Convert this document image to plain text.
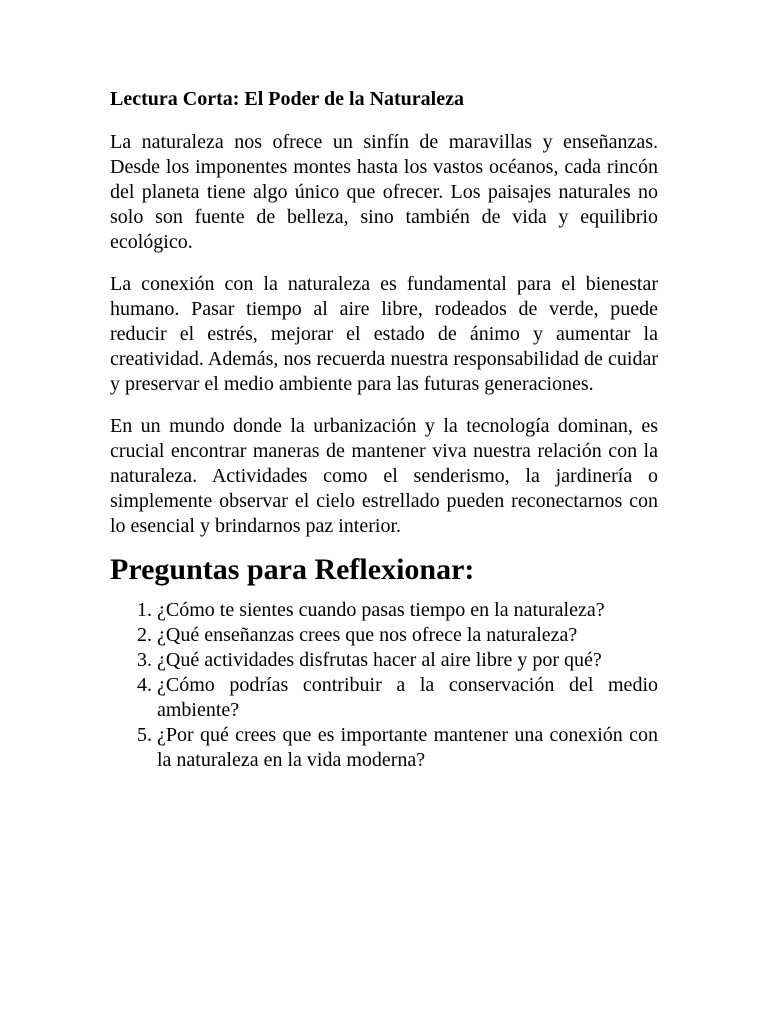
Lectura Corta: El Poder de la Naturaleza

La naturaleza nos ofrece un sinfín de maravillas y enseñanzas. Desde los imponentes montes hasta los vastos océanos, cada rincón del planeta tiene algo único que ofrecer. Los paisajes naturales no solo son fuente de belleza, sino también de vida y equilibrio ecológico.

La conexión con la naturaleza es fundamental para el bienestar humano. Pasar tiempo al aire libre, rodeados de verde, puede reducir el estrés, mejorar el estado de ánimo y aumentar la creatividad. Además, nos recuerda nuestra responsabilidad de cuidar y preservar el medio ambiente para las futuras generaciones.

En un mundo donde la urbanización y la tecnología dominan, es crucial encontrar maneras de mantener viva nuestra relación con la naturaleza. Actividades como el senderismo, la jardinería o simplemente observar el cielo estrellado pueden reconectarnos con lo esencial y brindarnos paz interior.

Preguntas para Reflexionar:
1. ¿Cómo te sientes cuando pasas tiempo en la naturaleza?
2. ¿Qué enseñanzas crees que nos ofrece la naturaleza?
3. ¿Qué actividades disfrutas hacer al aire libre y por qué?
4. ¿Cómo podrías contribuir a la conservación del medio ambiente?
5. ¿Por qué crees que es importante mantener una conexión con la naturaleza en la vida moderna?
